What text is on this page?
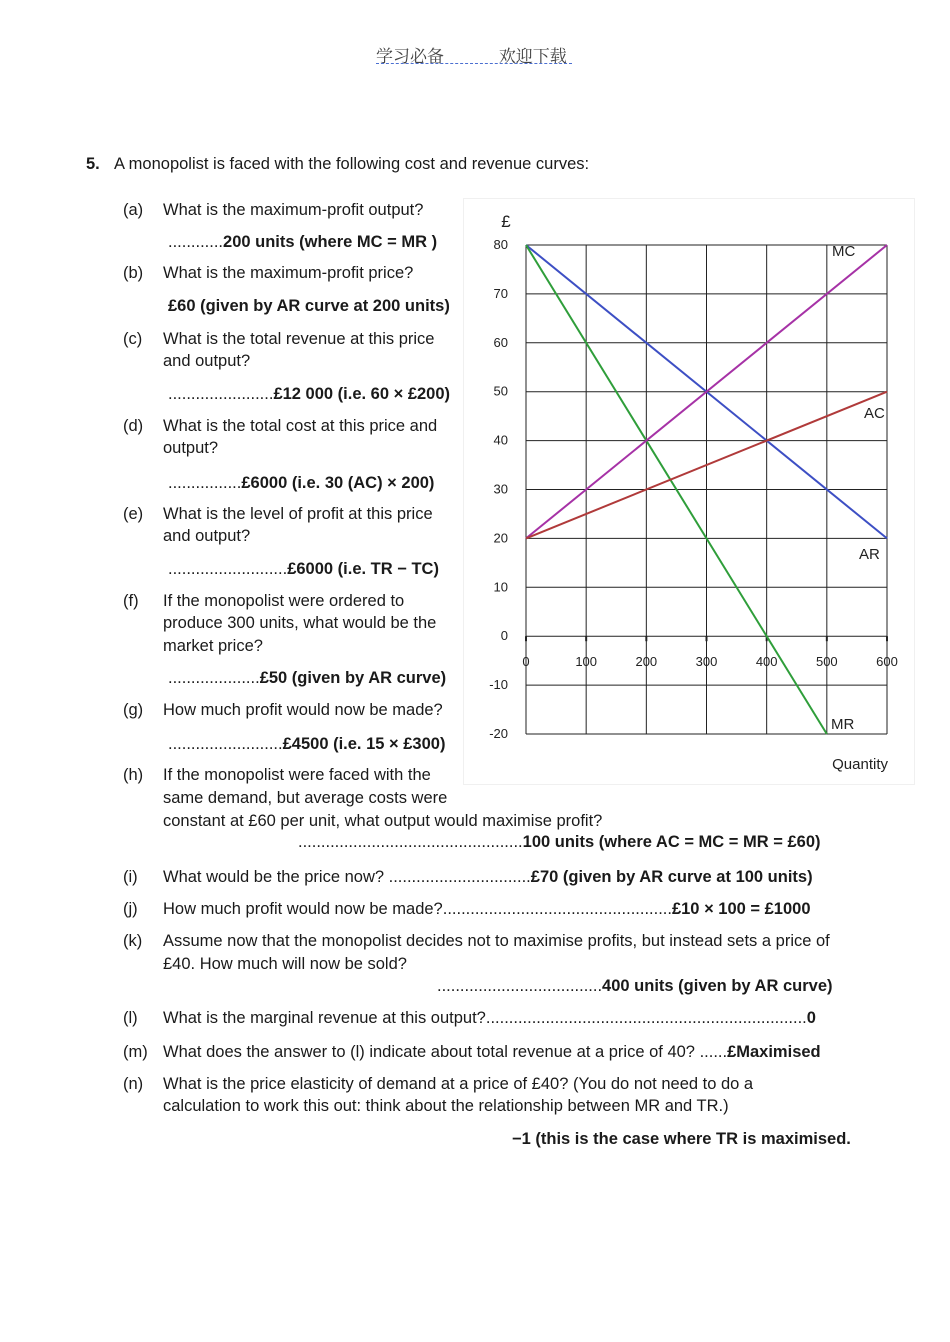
学习必备	欢迎下载
5. A monopolist is faced with the following cost and revenue curves:
(a) What is the maximum-profit output?
............200 units (where MC = MR )
(b) What is the maximum-profit price?
£60 (given by AR curve at 200 units)
(c) What is the total revenue at this price
and output?
.......................£12 000 (i.e. 60 × £200)
(d) What is the total cost at this price and
output?
................£6000 (i.e. 30 (AC) × 200)
(e) What is the level of profit at this price
and output?
..........................£6000 (i.e. TR − TC)
(f) If the monopolist were ordered to
produce 300 units, what would be the
market price?
....................£50 (given by AR curve)
(g) How much profit would now be made?
.........................£4500 (i.e. 15 × £300)
(h) If the monopolist were faced with the
same demand, but average costs were
constant at £60 per unit, what output would maximise profit?
.................................................100 units (where AC = MC = MR = £60)
(i) What would be the price now? ...............................£70 (given by AR curve at 100 units)
(j) How much profit would now be made?..................................................£10 × 100 = £1000
(k) Assume now that the monopolist decides not to maximise profits, but instead sets a price of
£40. How much will now be sold?
....................................400 units (given by AR curve)
(l) What is the marginal revenue at this output?......................................................................0
(m) What does the answer to (l) indicate about total revenue at a price of 40? ......£Maximised
(n) What is the price elasticity of demand at a price of £40? (You do not need to do a
calculation to work this out: think about the relationship between MR and TR.)
−1 (this is the case where TR is maximised.
-20
-10
0
10
20
30
40
50
60
70
80
0	100	200	300	400	500	600
AR
MR
MC
AC
£
Quantity
